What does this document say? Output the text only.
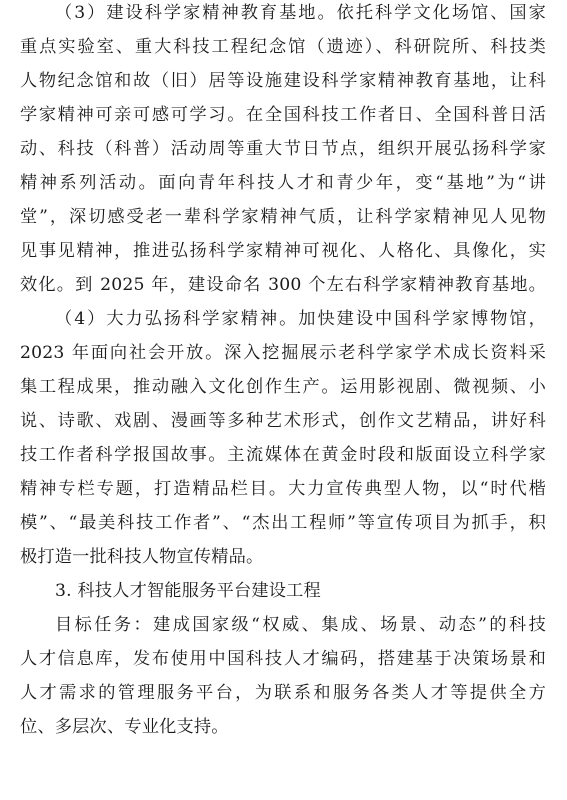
（3）建设科学家精神教育基地。依托科学文化场馆、国家
重点实验室、重大科技工程纪念馆（遗迹）、科研院所、科技类
人物纪念馆和故（旧）居等设施建设科学家精神教育基地，让科
学家精神可亲可感可学习。在全国科技工作者日、全国科普日活
动、科技（科普）活动周等重大节日节点，组织开展弘扬科学家
精神系列活动。面向青年科技人才和青少年，变“基地”为“讲
堂”，深切感受老一辈科学家精神气质，让科学家精神见人见物
见事见精神，推进弘扬科学家精神可视化、人格化、具像化，实
效化。到 2025 年，建设命名 300 个左右科学家精神教育基地。
（4）大力弘扬科学家精神。加快建设中国科学家博物馆，
2023 年面向社会开放。深入挖掘展示老科学家学术成长资料采
集工程成果，推动融入文化创作生产。运用影视剧、微视频、小
说、诗歌、戏剧、漫画等多种艺术形式，创作文艺精品，讲好科
技工作者科学报国故事。主流媒体在黄金时段和版面设立科学家
精神专栏专题，打造精品栏目。大力宣传典型人物，以“时代楷
模”、“最美科技工作者”、“杰出工程师”等宣传项目为抓手，积
极打造一批科技人物宣传精品。
3. 科技人才智能服务平台建设工程
目标任务：建成国家级“权威、集成、场景、动态”的科技
人才信息库，发布使用中国科技人才编码，搭建基于决策场景和
人才需求的管理服务平台，为联系和服务各类人才等提供全方
位、多层次、专业化支持。
